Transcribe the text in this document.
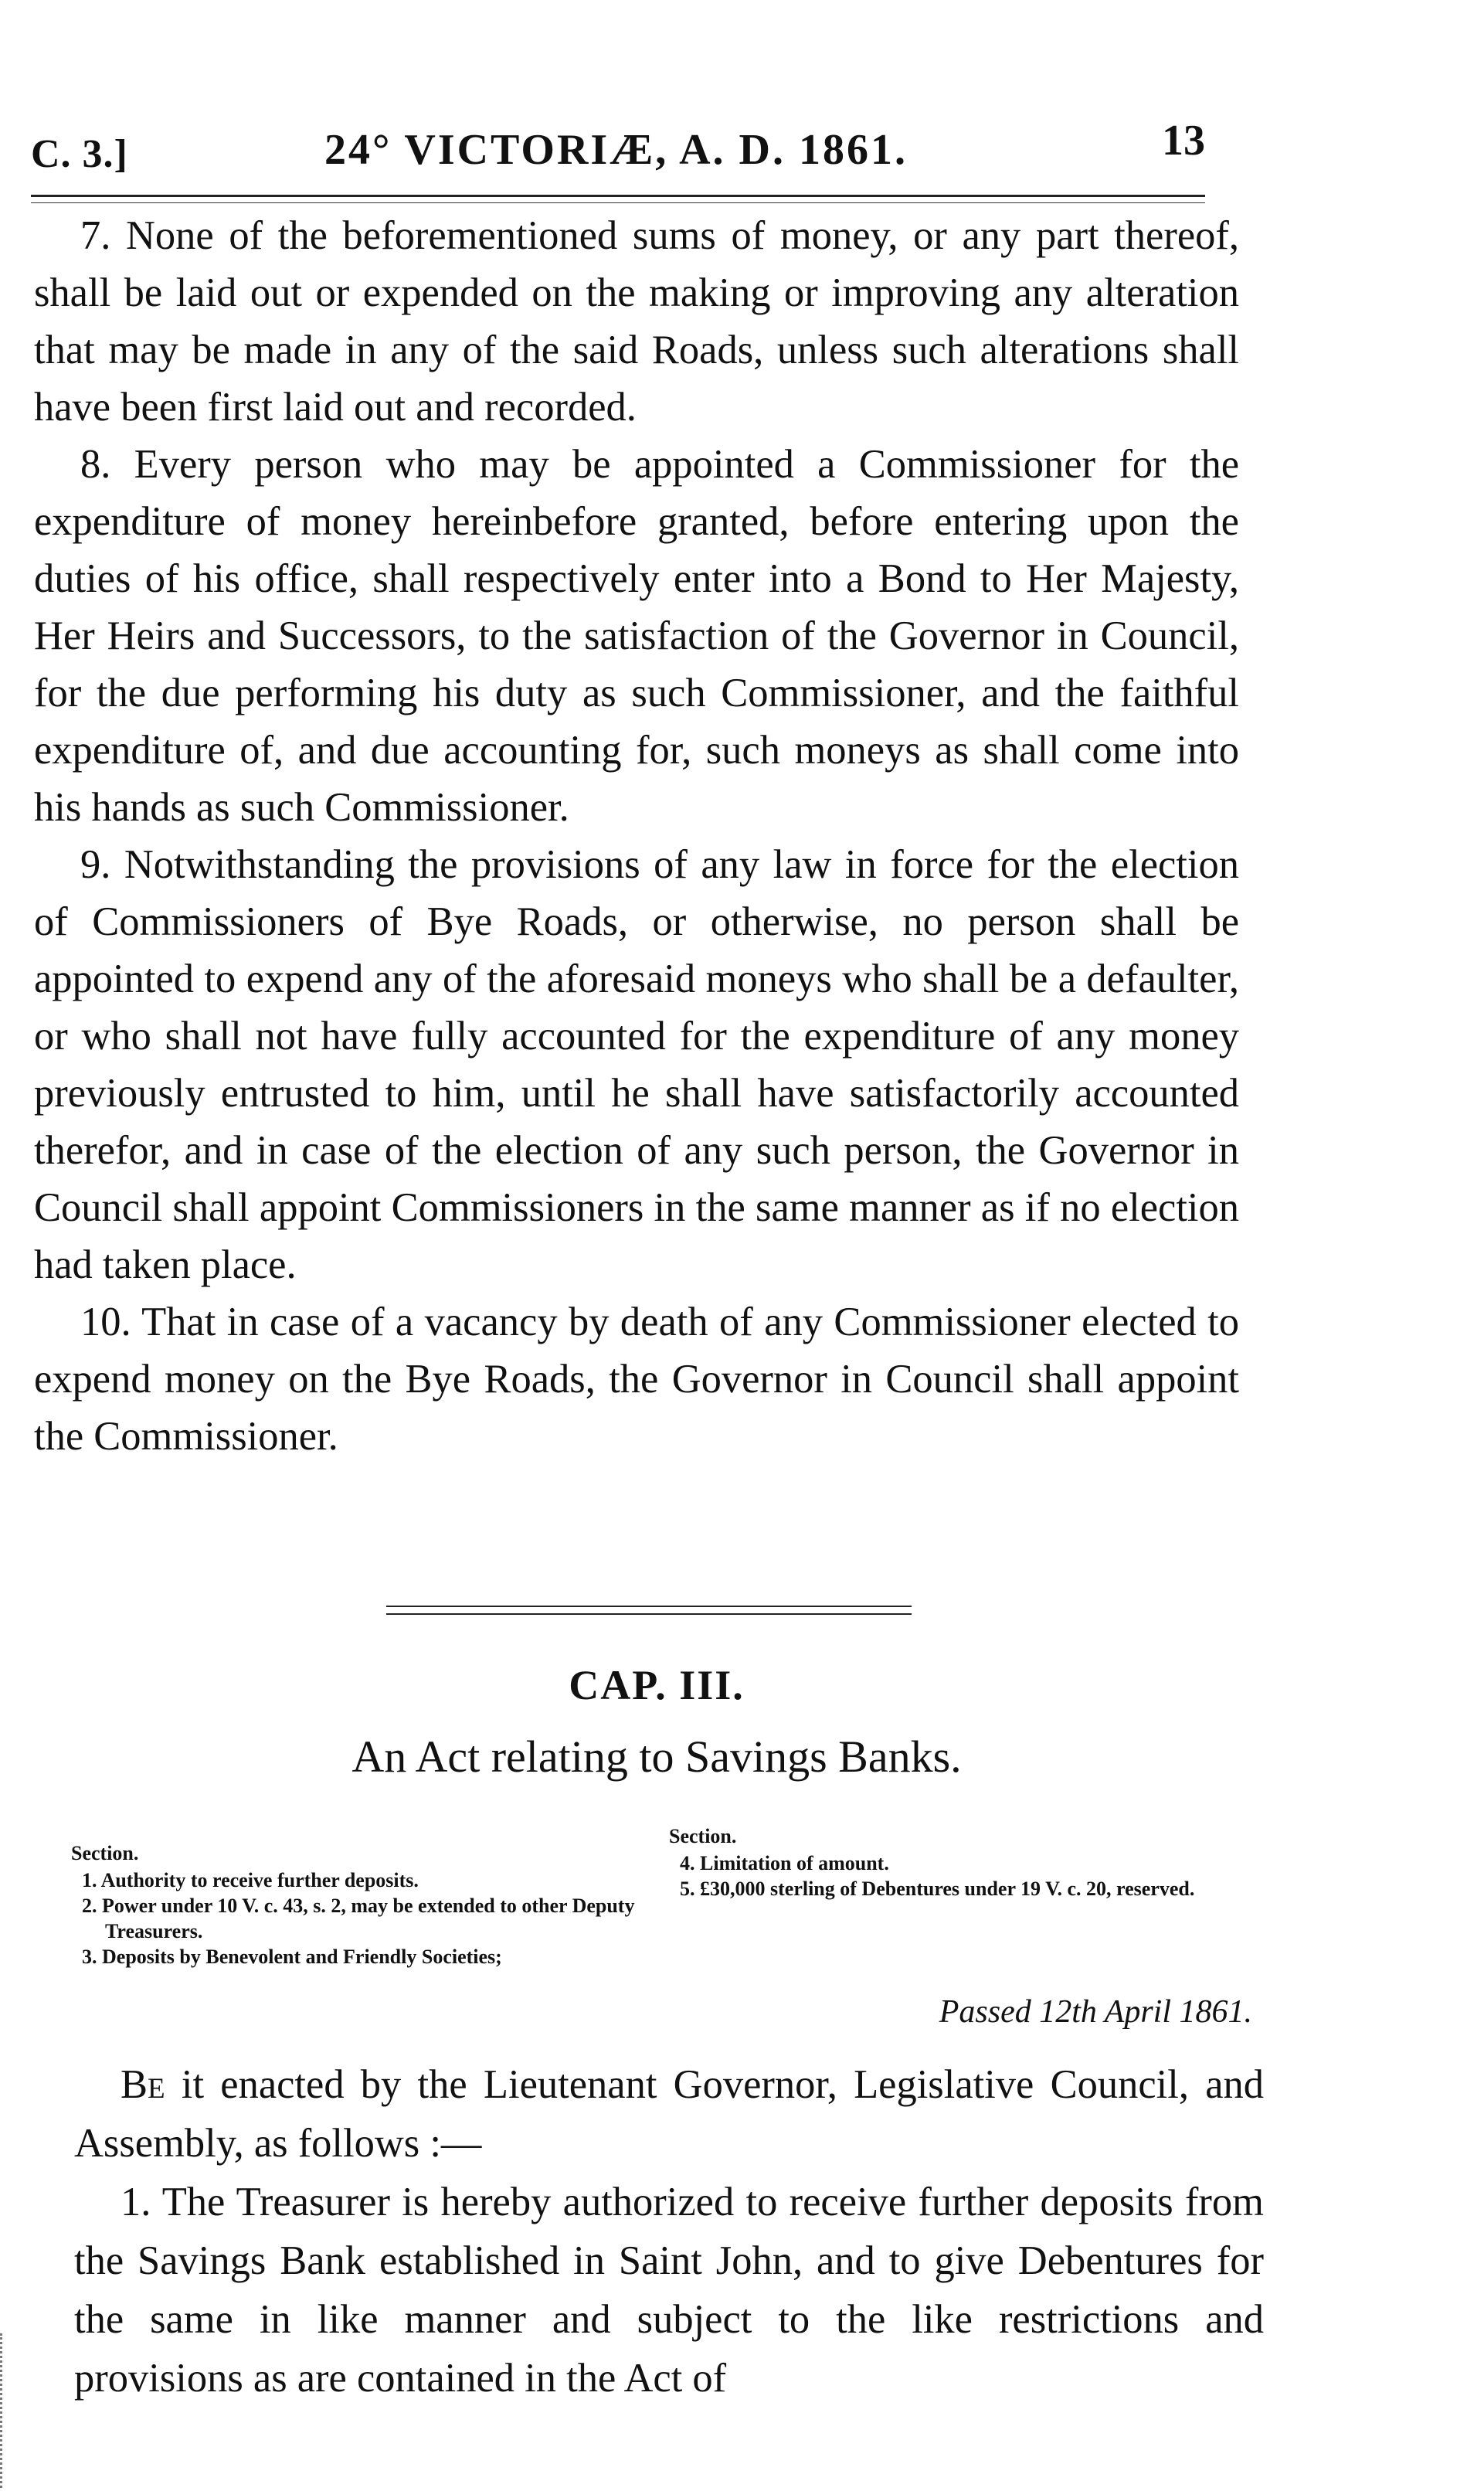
C. 3.]	24° VICTORIÆ, A. D. 1861.	13

7. None of the beforementioned sums of money, or any part thereof, shall be laid out or expended on the making or improving any alteration that may be made in any of the said Roads, unless such alterations shall have been first laid out and recorded.

8. Every person who may be appointed a Commissioner for the expenditure of money hereinbefore granted, before entering upon the duties of his office, shall respectively enter into a Bond to Her Majesty, Her Heirs and Successors, to the satisfaction of the Governor in Council, for the due performing his duty as such Commissioner, and the faithful expenditure of, and due accounting for, such moneys as shall come into his hands as such Commissioner.

9. Notwithstanding the provisions of any law in force for the election of Commissioners of Bye Roads, or otherwise, no person shall be appointed to expend any of the aforesaid moneys who shall be a defaulter, or who shall not have fully accounted for the expenditure of any money previously entrusted to him, until he shall have satisfactorily accounted therefor, and in case of the election of any such person, the Governor in Council shall appoint Commissioners in the same manner as if no election had taken place.

10. That in case of a vacancy by death of any Commissioner elected to expend money on the Bye Roads, the Governor in Council shall appoint the Commissioner.

CAP. III.
An Act relating to Savings Banks.

Section.

1. Authority to receive further deposits.

2. Power under 10 V. c. 43, s. 2, may be extended to other Deputy Treasurers.

3. Deposits by Benevolent and Friendly Societies;

Section.

4. Limitation of amount.

5. £30,000 sterling of Debentures under 19 V. c. 20, reserved.

Passed 12th April 1861.

Be it enacted by the Lieutenant Governor, Legislative Council, and Assembly, as follows :—

1. The Treasurer is hereby authorized to receive further deposits from the Savings Bank established in Saint John, and to give Debentures for the same in like manner and subject to the like restrictions and provisions as are contained in the Act of
